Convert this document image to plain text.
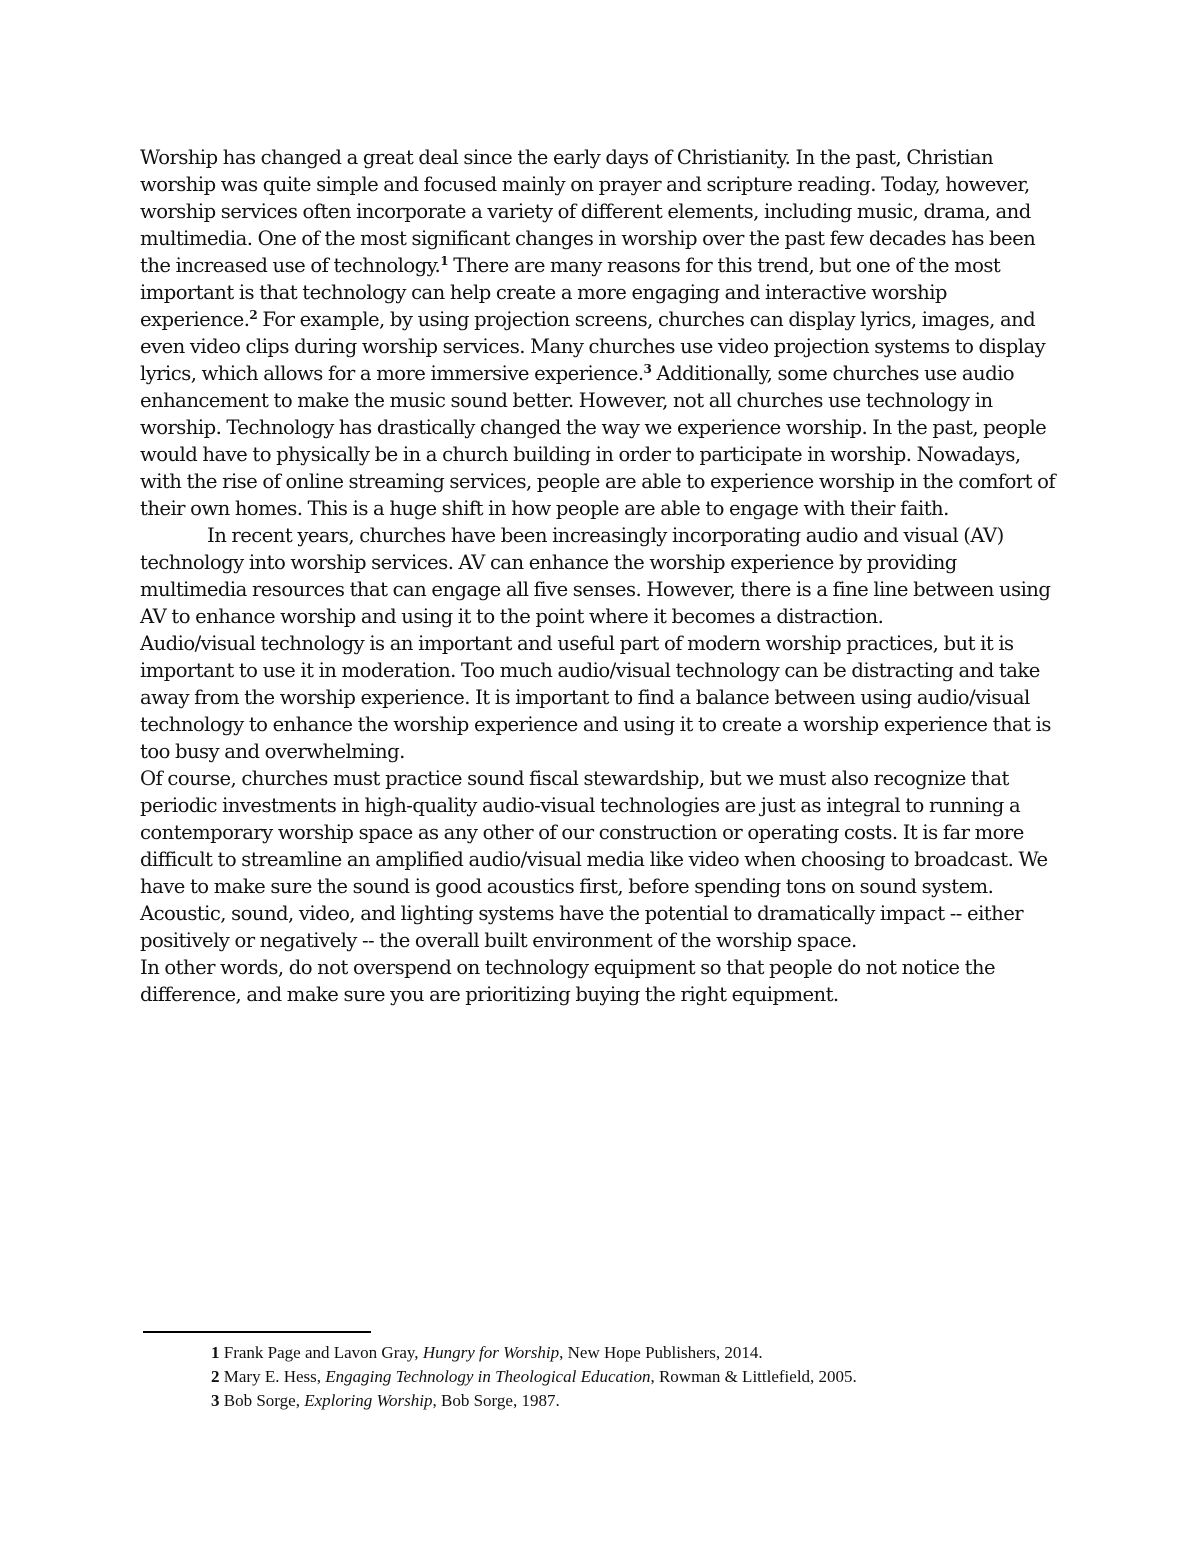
Worship has changed a great deal since the early days of Christianity. In the past, Christian worship was quite simple and focused mainly on prayer and scripture reading. Today, however, worship services often incorporate a variety of different elements, including music, drama, and multimedia. One of the most significant changes in worship over the past few decades has been the increased use of technology.$^1$ There are many reasons for this trend, but one of the most important is that technology can help create a more engaging and interactive worship experience.$^2$ For example, by using projection screens, churches can display lyrics, images, and even video clips during worship services. Many churches use video projection systems to display lyrics, which allows for a more immersive experience.$^3$ Additionally, some churches use audio enhancement to make the music sound better. However, not all churches use technology in worship. Technology has drastically changed the way we experience worship. In the past, people would have to physically be in a church building in order to participate in worship. Nowadays, with the rise of online streaming services, people are able to experience worship in the comfort of their own homes. This is a huge shift in how people are able to engage with their faith.

In recent years, churches have been increasingly incorporating audio and visual (AV) technology into worship services. AV can enhance the worship experience by providing multimedia resources that can engage all five senses. However, there is a fine line between using AV to enhance worship and using it to the point where it becomes a distraction.

Audio/visual technology is an important and useful part of modern worship practices, but it is important to use it in moderation. Too much audio/visual technology can be distracting and take away from the worship experience. It is important to find a balance between using audio/visual technology to enhance the worship experience and using it to create a worship experience that is too busy and overwhelming.

Of course, churches must practice sound fiscal stewardship, but we must also recognize that periodic investments in high-quality audio-visual technologies are just as integral to running a contemporary worship space as any other of our construction or operating costs. It is far more difficult to streamline an amplified audio/visual media like video when choosing to broadcast. We have to make sure the sound is good acoustics first, before spending tons on sound system. Acoustic, sound, video, and lighting systems have the potential to dramatically impact -- either positively or negatively -- the overall built environment of the worship space.

In other words, do not overspend on technology equipment so that people do not notice the difference, and make sure you are prioritizing buying the right equipment.

1 Frank Page and Lavon Gray, Hungry for Worship, New Hope Publishers, 2014.
2 Mary E. Hess, Engaging Technology in Theological Education, Rowman & Littlefield, 2005.
3 Bob Sorge, Exploring Worship, Bob Sorge, 1987.
